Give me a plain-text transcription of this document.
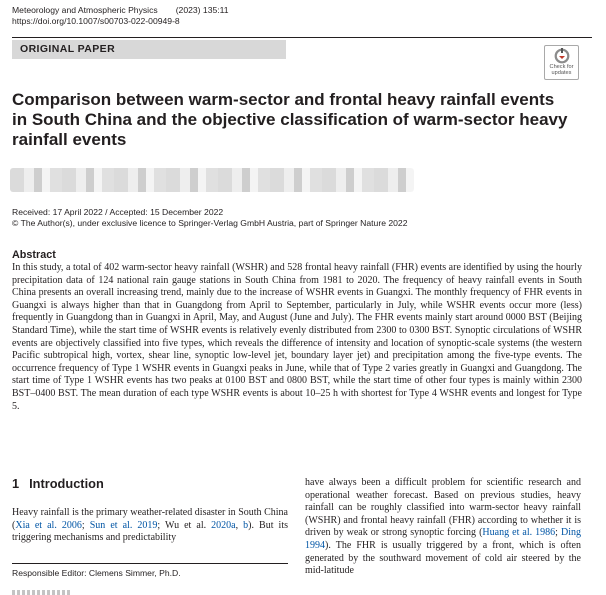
Meteorology and Atmospheric Physics (2023) 135:11
https://doi.org/10.1007/s00703-022-00949-8
ORIGINAL PAPER
Check for
updates
Comparison between warm-sector and frontal heavy rainfall events in South China and the objective classification of warm-sector heavy rainfall events
Received: 17 April 2022 / Accepted: 15 December 2022
© The Author(s), under exclusive licence to Springer-Verlag GmbH Austria, part of Springer Nature 2022
Abstract
In this study, a total of 402 warm-sector heavy rainfall (WSHR) and 528 frontal heavy rainfall (FHR) events are identified by using the hourly precipitation data of 124 national rain gauge stations in South China from 1981 to 2020. The frequency of heavy rainfall events in South China presents an overall increasing trend, mainly due to the increase of WSHR events in Guangxi. The monthly frequency of FHR events in Guangxi is always higher than that in Guangdong from April to September, particularly in July, while WSHR events occur more (less) frequently in Guangdong than in Guangxi in April, May, and August (June and July). The FHR events mainly start around 0000 BST (Beijing Standard Time), while the start time of WSHR events is relatively evenly distributed from 2300 to 0300 BST. Synoptic circulations of WSHR events are objectively classified into five types, which reveals the difference of intensity and location of synoptic-scale systems (the western Pacific subtropical high, vortex, shear line, synoptic low-level jet, boundary layer jet) and precipitation among the five-type events. The occurrence frequency of Type 1 WSHR events in Guangxi peaks in June, while that of Type 2 varies greatly in Guangxi and Guangdong. The start time of Type 1 WSHR events has two peaks at 0100 BST and 0800 BST, while the start time of other four types is mainly within 2300 BST–0400 BST. The mean duration of each type WSHR events is about 10–25 h with shortest for Type 4 WSHR events and longest for Type 5.
1 Introduction
Heavy rainfall is the primary weather-related disaster in South China (Xia et al. 2006; Sun et al. 2019; Wu et al. 2020a, b). But its triggering mechanisms and predictability
have always been a difficult problem for scientific research and operational weather forecast. Based on previous studies, heavy rainfall can be roughly classified into warm-sector heavy rainfall (WSHR) and frontal heavy rainfall (FHR) according to whether it is driven by weak or strong synoptic forcing (Huang et al. 1986; Ding 1994). The FHR is usually triggered by a front, which is often generated by the southward movement of cold air steered by the mid-latitude
Responsible Editor: Clemens Simmer, Ph.D.
